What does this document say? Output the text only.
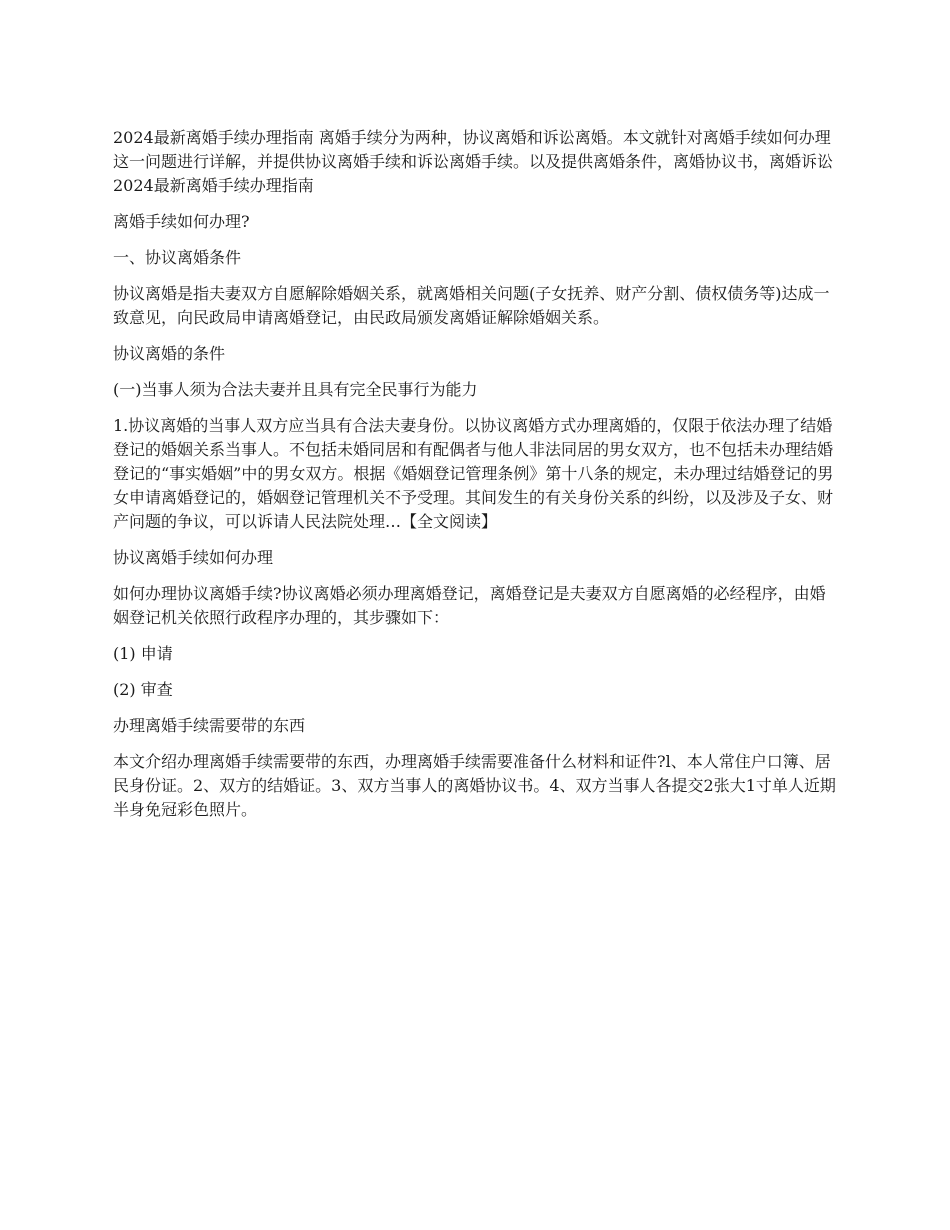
2024最新离婚手续办理指南 离婚手续分为两种，协议离婚和诉讼离婚。本文就针对离婚手续如何办理这一问题进行详解，并提供协议离婚手续和诉讼离婚手续。以及提供离婚条件，离婚协议书，离婚诉讼 2024最新离婚手续办理指南

离婚手续如何办理?

一、协议离婚条件

协议离婚是指夫妻双方自愿解除婚姻关系，就离婚相关问题(子女抚养、财产分割、债权债务等)达成一致意见，向民政局申请离婚登记，由民政局颁发离婚证解除婚姻关系。

协议离婚的条件

(一)当事人须为合法夫妻并且具有完全民事行为能力

1.协议离婚的当事人双方应当具有合法夫妻身份。以协议离婚方式办理离婚的，仅限于依法办理了结婚登记的婚姻关系当事人。不包括未婚同居和有配偶者与他人非法同居的男女双方，也不包括未办理结婚登记的“事实婚姻”中的男女双方。根据《婚姻登记管理条例》第十八条的规定，未办理过结婚登记的男女申请离婚登记的，婚姻登记管理机关不予受理。其间发生的有关身份关系的纠纷，以及涉及子女、财产问题的争议，可以诉请人民法院处理…【全文阅读】

协议离婚手续如何办理

如何办理协议离婚手续?协议离婚必须办理离婚登记，离婚登记是夫妻双方自愿离婚的必经程序，由婚姻登记机关依照行政程序办理的，其步骤如下：

(1) 申请

(2) 审查

办理离婚手续需要带的东西

本文介绍办理离婚手续需要带的东西，办理离婚手续需要准备什么材料和证件?l、本人常住户口簿、居民身份证。2、双方的结婚证。3、双方当事人的离婚协议书。4、双方当事人各提交2张大1寸单人近期半身免冠彩色照片。
